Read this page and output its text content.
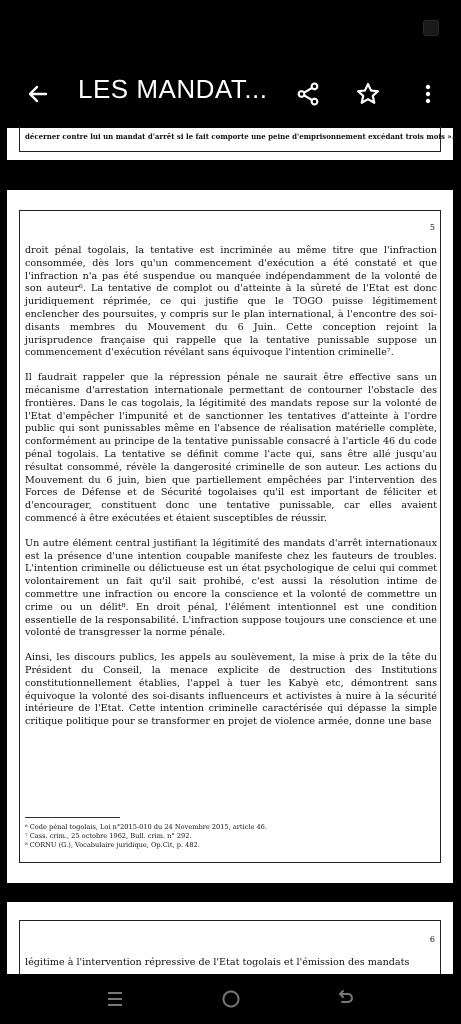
LES MANDAT...
décerner contre lui un mandat d'arrêt si le fait comporte une peine d'emprisonnement excédant trois mois ».
5

droit pénal togolais, la tentative est incriminée au même titre que l'infraction consommée, dès lors qu'un commencement d'exécution a été constaté et que l'infraction n'a pas été suspendue ou manquée indépendamment de la volonté de son auteur⁶. La tentative de complot ou d'atteinte à la sûreté de l'Etat est donc juridiquement réprimée, ce qui justifie que le TOGO puisse légitimement enclencher des poursuites, y compris sur le plan international, à l'encontre des soi-disants membres du Mouvement du 6 Juin. Cette conception rejoint la jurisprudence française qui rappelle que la tentative punissable suppose un commencement d'exécution révélant sans équivoque l'intention criminelle⁷.

Il faudrait rappeler que la répression pénale ne saurait être effective sans un mécanisme d'arrestation internationale permettant de contourner l'obstacle des frontières. Dans le cas togolais, la légitimité des mandats repose sur la volonté de l'Etat d'empêcher l'impunité et de sanctionner les tentatives d'atteinte à l'ordre public qui sont punissables même en l'absence de réalisation matérielle complète, conformément au principe de la tentative punissable consacré à l'article 46 du code pénal togolais. La tentative se définit comme l'acte qui, sans être allé jusqu'au résultat consommé, révèle la dangerosité criminelle de son auteur. Les actions du Mouvement du 6 juin, bien que partiellement empêchées par l'intervention des Forces de Défense et de Sécurité togolaises qu'il est important de féliciter et d'encourager, constituent donc une tentative punissable, car elles avaient commencé à être exécutées et étaient susceptibles de réussir.

Un autre élément central justifiant la légitimité des mandats d'arrêt internationaux est la présence d'une intention coupable manifeste chez les fauteurs de troubles. L'intention criminelle ou délictueuse est un état psychologique de celui qui commet volontairement un fait qu'il sait prohibé, c'est aussi la résolution intime de commettre une infraction ou encore la conscience et la volonté de commettre un crime ou un délit⁸. En droit pénal, l'élément intentionnel est une condition essentielle de la responsabilité. L'infraction suppose toujours une conscience et une volonté de transgresser la norme pénale.

Ainsi, les discours publics, les appels au soulèvement, la mise à prix de la tête du Président du Conseil, la menace explicite de destruction des Institutions constitutionnellement établies, l'appel à tuer les Kabyè etc, démontrent sans équivoque la volonté des soi-disants influenceurs et activistes à nuire à la sécurité intérieure de l'Etat. Cette intention criminelle caractérisée qui dépasse la simple critique politique pour se transformer en projet de violence armée, donne une base

⁶ Code pénal togolais, Loi n°2015-010 du 24 Novembre 2015, article 46.
⁷ Cass. crim., 25 octobre 1962, Bull. crim. n° 292.
⁸ CORNU (G.), Vocabulaire juridique, Op.Cit, p. 482.
6
légitime à l'intervention répressive de l'Etat togolais et l'émission des mandats
